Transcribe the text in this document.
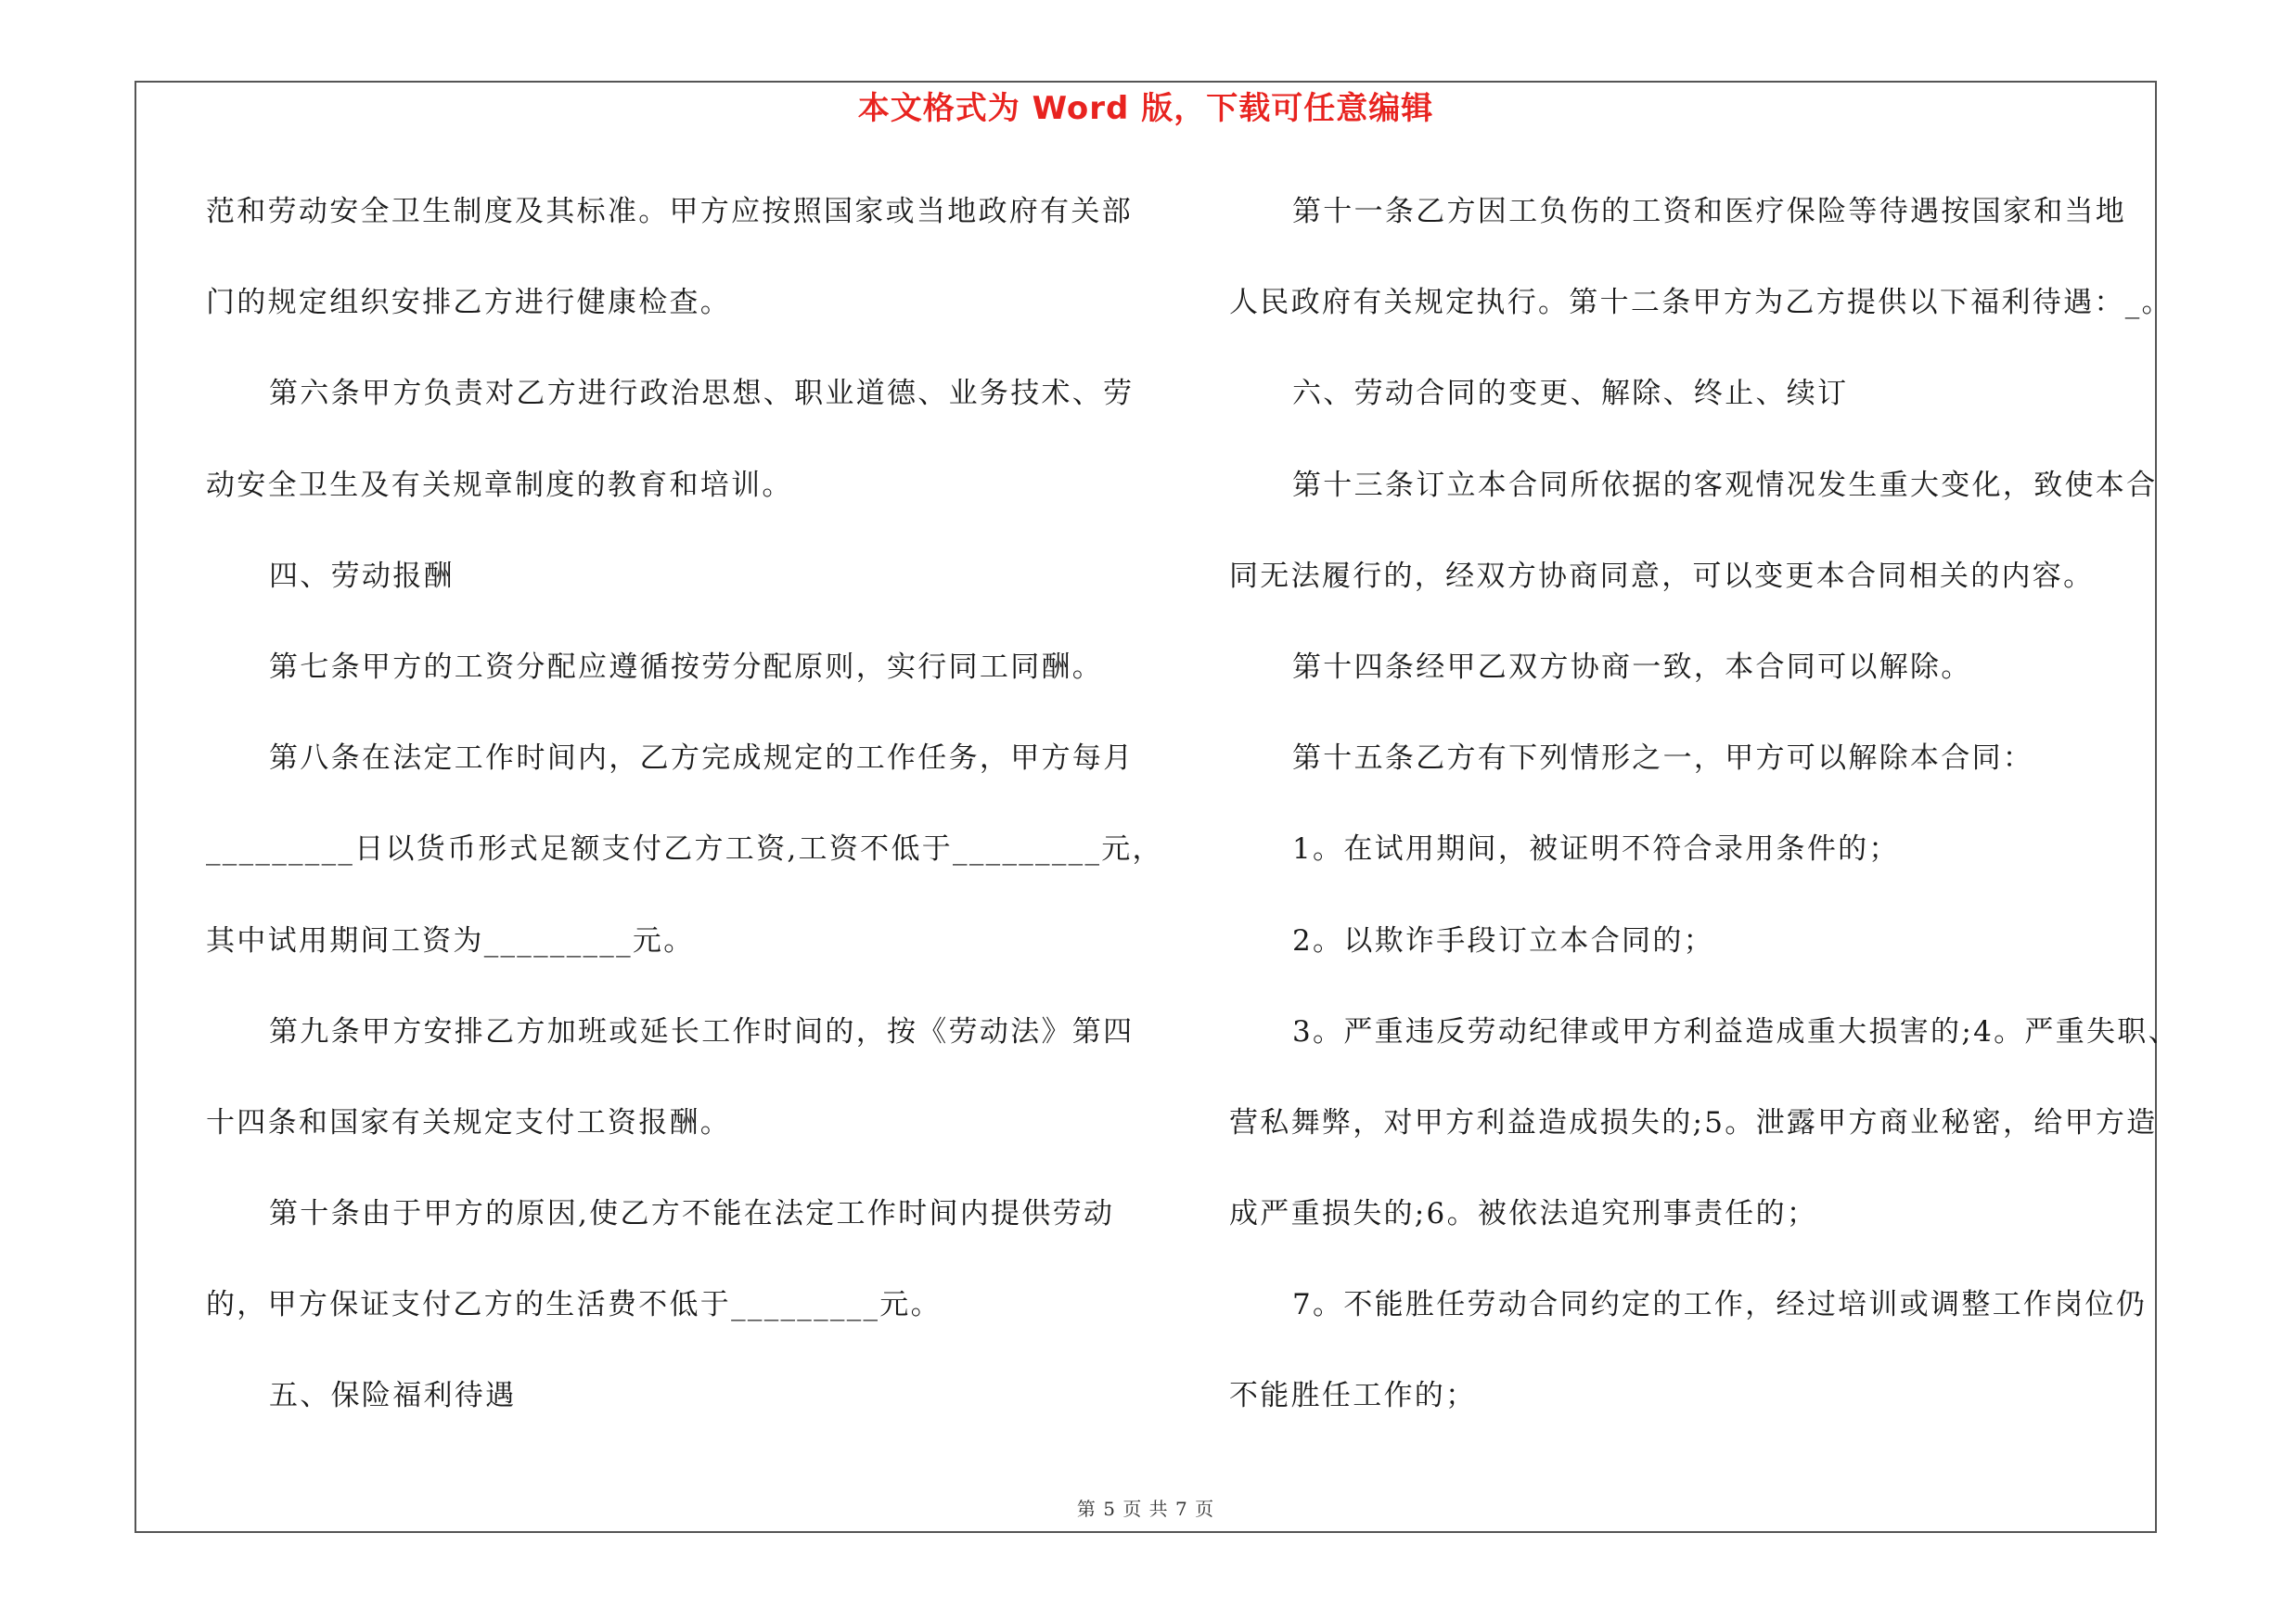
本文格式为 Word 版，下载可任意编辑
范和劳动安全卫生制度及其标准。甲方应按照国家或当地政府有关部
门的规定组织安排乙方进行健康检查。
第六条甲方负责对乙方进行政治思想、职业道德、业务技术、劳
动安全卫生及有关规章制度的教育和培训。
四、劳动报酬
第七条甲方的工资分配应遵循按劳分配原则，实行同工同酬。
第八条在法定工作时间内，乙方完成规定的工作任务，甲方每月
_________日以货币形式足额支付乙方工资,工资不低于_________元，
其中试用期间工资为_________元。
第九条甲方安排乙方加班或延长工作时间的，按《劳动法》第四
十四条和国家有关规定支付工资报酬。
第十条由于甲方的原因,使乙方不能在法定工作时间内提供劳动
的，甲方保证支付乙方的生活费不低于_________元。
五、保险福利待遇
第十一条乙方因工负伤的工资和医疗保险等待遇按国家和当地
人民政府有关规定执行。第十二条甲方为乙方提供以下福利待遇：_。
六、劳动合同的变更、解除、终止、续订
第十三条订立本合同所依据的客观情况发生重大变化，致使本合
同无法履行的，经双方协商同意，可以变更本合同相关的内容。
第十四条经甲乙双方协商一致，本合同可以解除。
第十五条乙方有下列情形之一，甲方可以解除本合同：
1。在试用期间，被证明不符合录用条件的；
2。以欺诈手段订立本合同的；
3。严重违反劳动纪律或甲方利益造成重大损害的;4。严重失职、
营私舞弊，对甲方利益造成损失的;5。泄露甲方商业秘密，给甲方造
成严重损失的;6。被依法追究刑事责任的；
7。不能胜任劳动合同约定的工作，经过培训或调整工作岗位仍
不能胜任工作的；
第 5 页 共 7 页
